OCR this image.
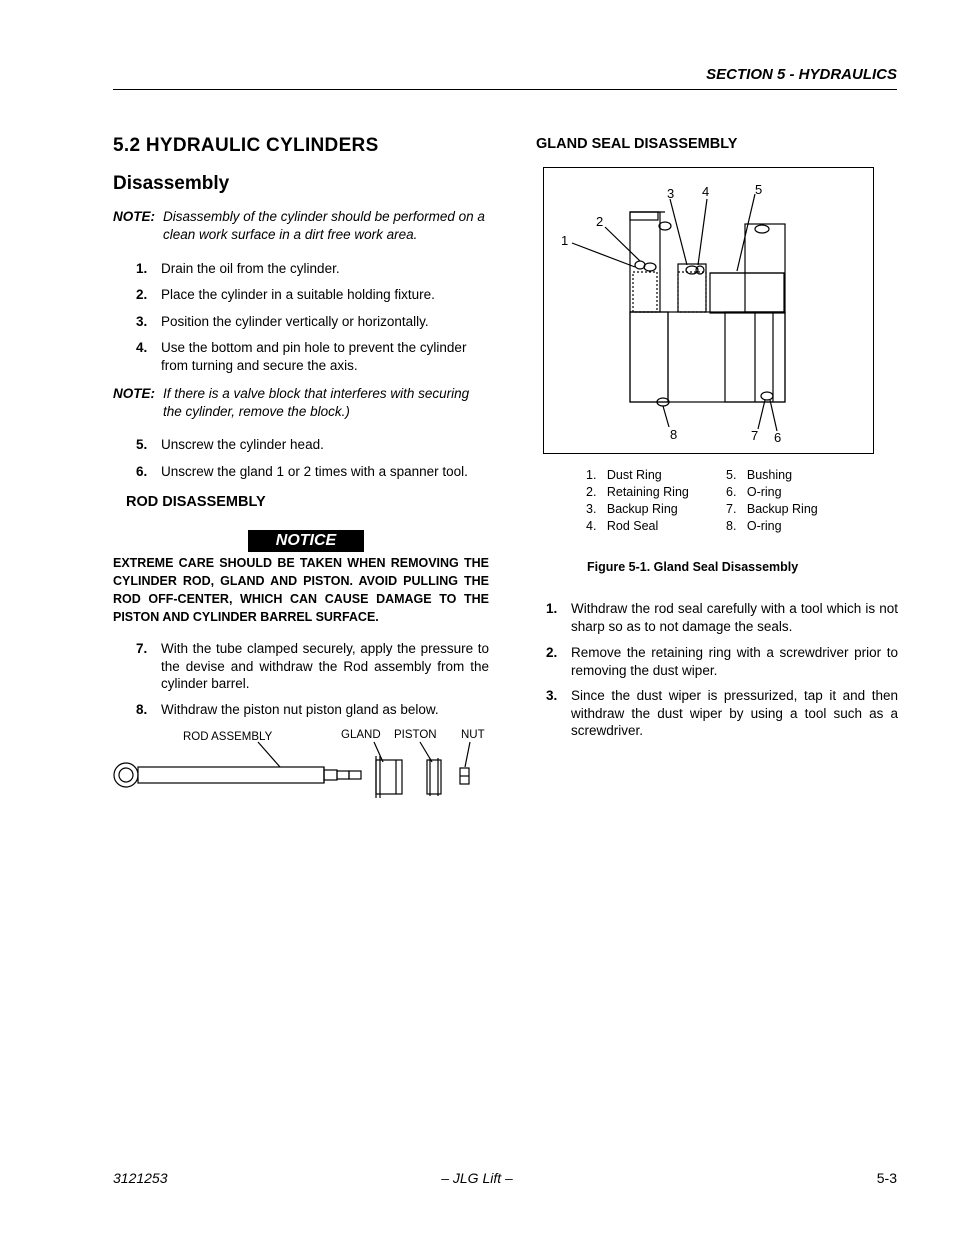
SECTION 5 - HYDRAULICS
5.2 HYDRAULIC CYLINDERS
Disassembly
NOTE: Disassembly of the cylinder should be performed on a clean work surface in a dirt free work area.
1. Drain the oil from the cylinder.
2. Place the cylinder in a suitable holding fixture.
3. Position the cylinder vertically or horizontally.
4. Use the bottom and pin hole to prevent the cylinder from turning and secure the axis.
NOTE: If there is a valve block that interferes with securing the cylinder, remove the block.)
5. Unscrew the cylinder head.
6. Unscrew the gland 1 or 2 times with a spanner tool.
ROD DISASSEMBLY
NOTICE
EXTREME CARE SHOULD BE TAKEN WHEN REMOVING THE CYLINDER ROD, GLAND AND PISTON. AVOID PULLING THE ROD OFF-CENTER, WHICH CAN CAUSE DAMAGE TO THE PISTON AND CYLINDER BARREL SURFACE.
7. With the tube clamped securely, apply the pressure to the devise and withdraw the Rod assembly from the cylinder barrel.
8. Withdraw the piston nut piston gland as below.
ROD ASSEMBLY	GLAND PISTON NUT
GLAND SEAL DISASSEMBLY
1
2
3 4	5
6
7
8
1. Dust Ring
2. Retaining Ring
3. Backup Ring
4. Rod Seal
5. Bushing
6. O-ring
7. Backup Ring
8. O-ring
Figure 5-1. Gland Seal Disassembly
1. Withdraw the rod seal carefully with a tool which is not sharp so as to not damage the seals.
2. Remove the retaining ring with a screwdriver prior to removing the dust wiper.
3. Since the dust wiper is pressurized, tap it and then withdraw the dust wiper by using a tool such as a screwdriver.
3121253	– JLG Lift –	5-3
